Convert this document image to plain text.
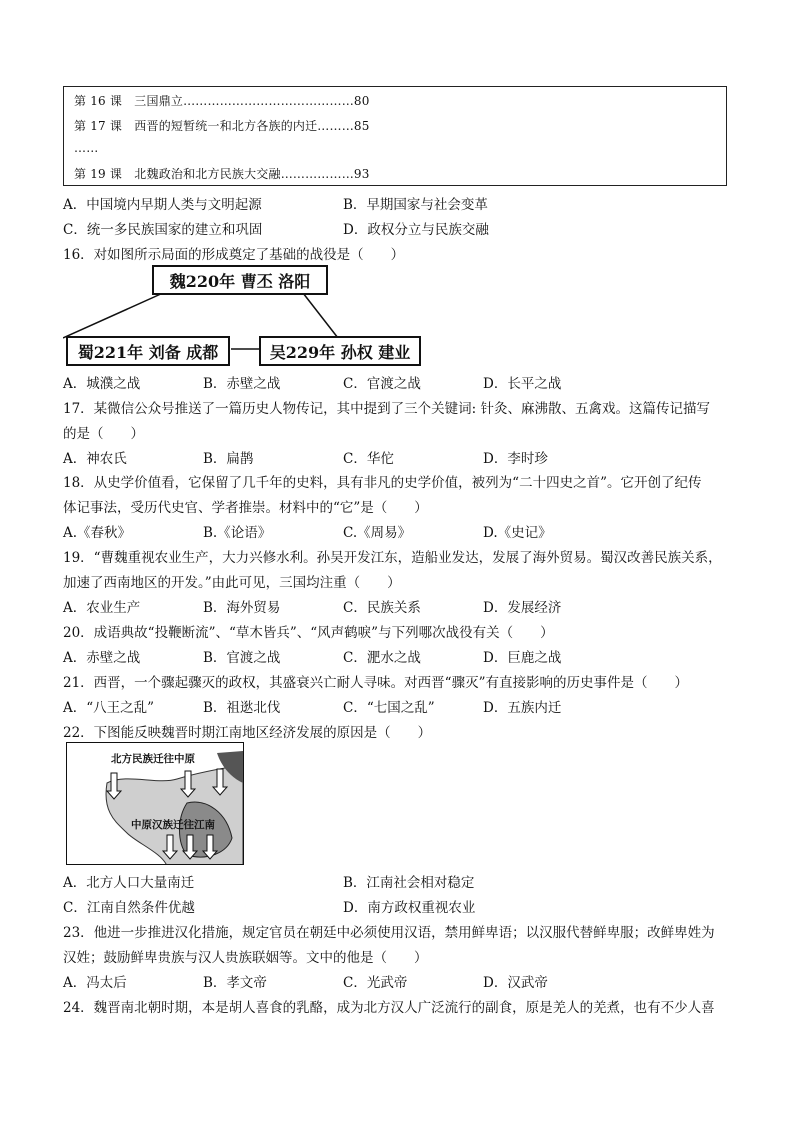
第 16 课　三国鼎立……………………………………80
第 17 课　西晋的短暂统一和北方各族的内迁………85
……
第 19 课　北魏政治和北方民族大交融………………93
A．中国境内早期人类与文明起源	B．早期国家与社会变革
C．统一多民族国家的建立和巩固	D．政权分立与民族交融
16．对如图所示局面的形成奠定了基础的战役是（　　）
魏220年 曹丕 洛阳
蜀221年 刘备 成都	吴229年 孙权 建业
A．城濮之战	B．赤壁之战	C．官渡之战	D．长平之战
17．某微信公众号推送了一篇历史人物传记，其中提到了三个关键词: 针灸、麻沸散、五禽戏。这篇传记描写
的是（　　）
A．神农氏	B．扁鹊	C．华佗	D．李时珍
18．从史学价值看，它保留了几千年的史料，具有非凡的史学价值，被列为“二十四史之首”。它开创了纪传
体记事法，受历代史官、学者推崇。材料中的“它”是（　　）
A.《春秋》	B.《论语》	C.《周易》	D.《史记》
19．“曹魏重视农业生产，大力兴修水利。孙吴开发江东，造船业发达，发展了海外贸易。蜀汉改善民族关系，
加速了西南地区的开发。”由此可见，三国均注重（　　）
A．农业生产	B．海外贸易	C．民族关系	D．发展经济
20．成语典故“投鞭断流”、“草木皆兵”、“风声鹤唳”与下列哪次战役有关（　　）
A．赤壁之战	B．官渡之战	C．淝水之战	D．巨鹿之战
21．西晋，一个骤起骤灭的政权，其盛衰兴亡耐人寻味。对西晋“骤灭”有直接影响的历史事件是（　　）
A．“八王之乱”	B．祖逖北伐	C．“七国之乱”	D．五族内迁
22．下图能反映魏晋时期江南地区经济发展的原因是（　　）
北方民族迁往中原
中原汉族迁往江南
A．北方人口大量南迁	B．江南社会相对稳定
C．江南自然条件优越	D．南方政权重视农业
23．他进一步推进汉化措施，规定官员在朝廷中必须使用汉语，禁用鲜卑语；以汉服代替鲜卑服；改鲜卑姓为
汉姓；鼓励鲜卑贵族与汉人贵族联姻等。文中的他是（　　）
A．冯太后	B．孝文帝	C．光武帝	D．汉武帝
24．魏晋南北朝时期，本是胡人喜食的乳酪，成为北方汉人广泛流行的副食，原是羌人的羌煮，也有不少人喜
